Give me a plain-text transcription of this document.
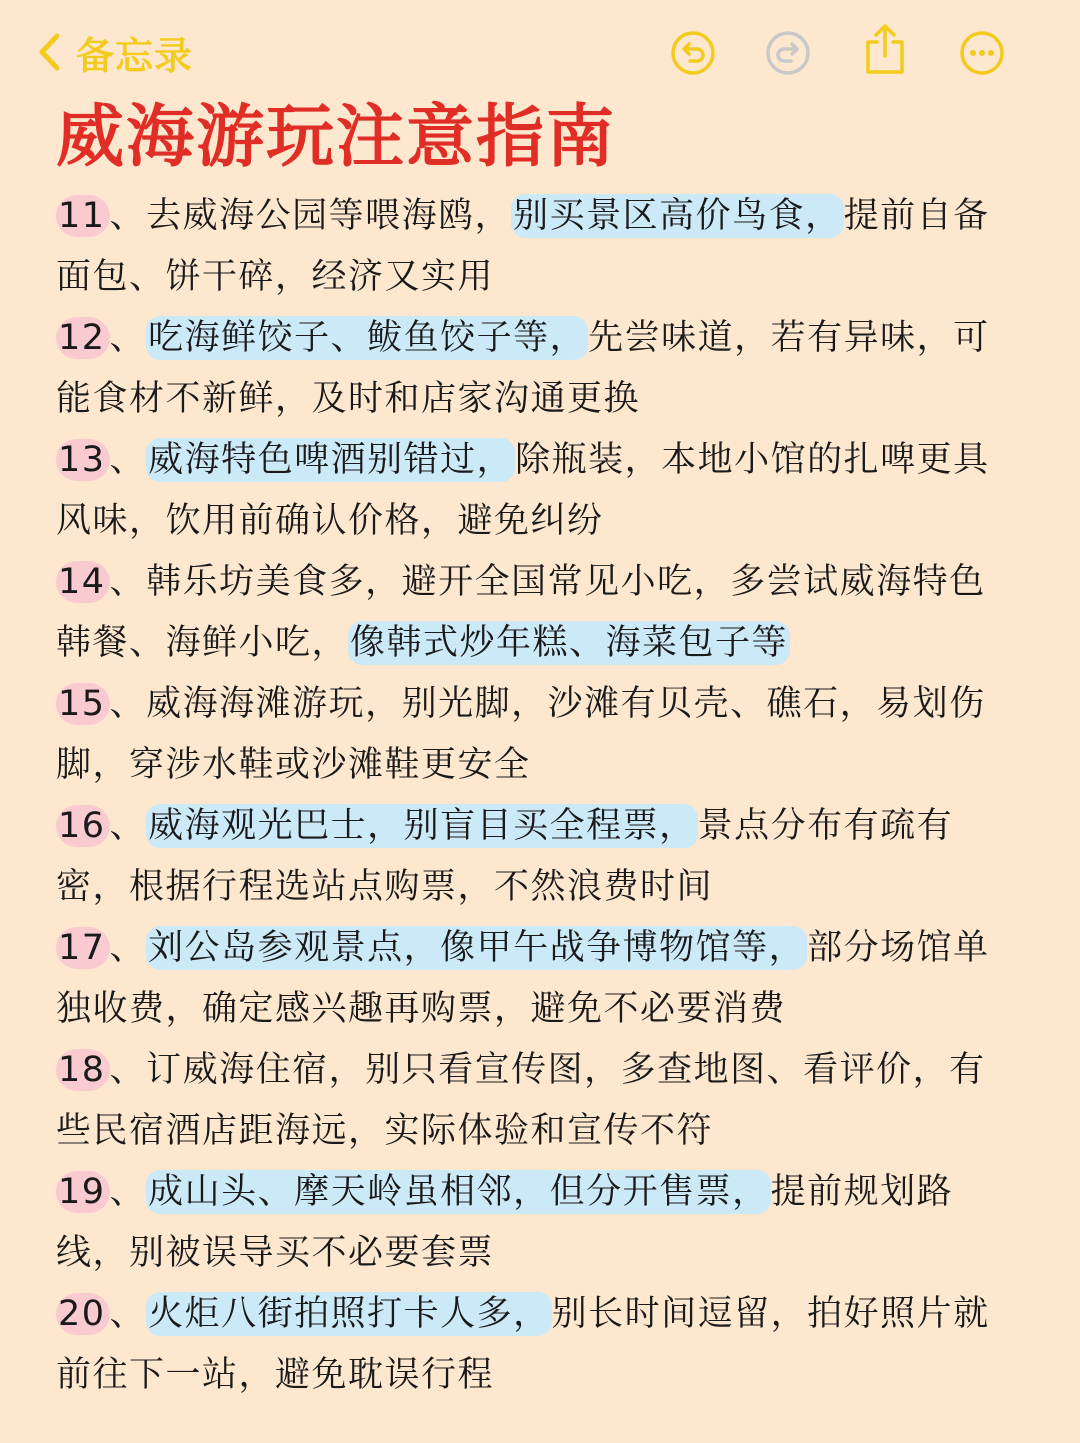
备忘录
威海游玩注意指南
11 、去威海公园等喂海鸥，别买景区高价鸟食，提前自备面包、饼干碎，经济又实用
12 、吃海鲜饺子、鲅鱼饺子等，先尝味道，若有异味，可能食材不新鲜，及时和店家沟通更换
13 、威海特色啤酒别错过，除瓶装，本地小馆的扎啤更具风味，饮用前确认价格，避免纠纷
14 、韩乐坊美食多，避开全国常见小吃，多尝试威海特色韩餐、海鲜小吃，像韩式炒年糕、海菜包子等
15 、威海海滩游玩，别光脚，沙滩有贝壳、礁石，易划伤脚，穿涉水鞋或沙滩鞋更安全
16 、威海观光巴士，别盲目买全程票，景点分布有疏有密，根据行程选站点购票，不然浪费时间
17 、刘公岛参观景点，像甲午战争博物馆等，部分场馆单独收费，确定感兴趣再购票，避免不必要消费
18 、订威海住宿，别只看宣传图，多查地图、看评价，有些民宿酒店距海远，实际体验和宣传不符
19 、成山头、摩天岭虽相邻，但分开售票，提前规划路线，别被误导买不必要套票
20 、火炬八街拍照打卡人多，别长时间逗留，拍好照片就前往下一站，避免耽误行程
